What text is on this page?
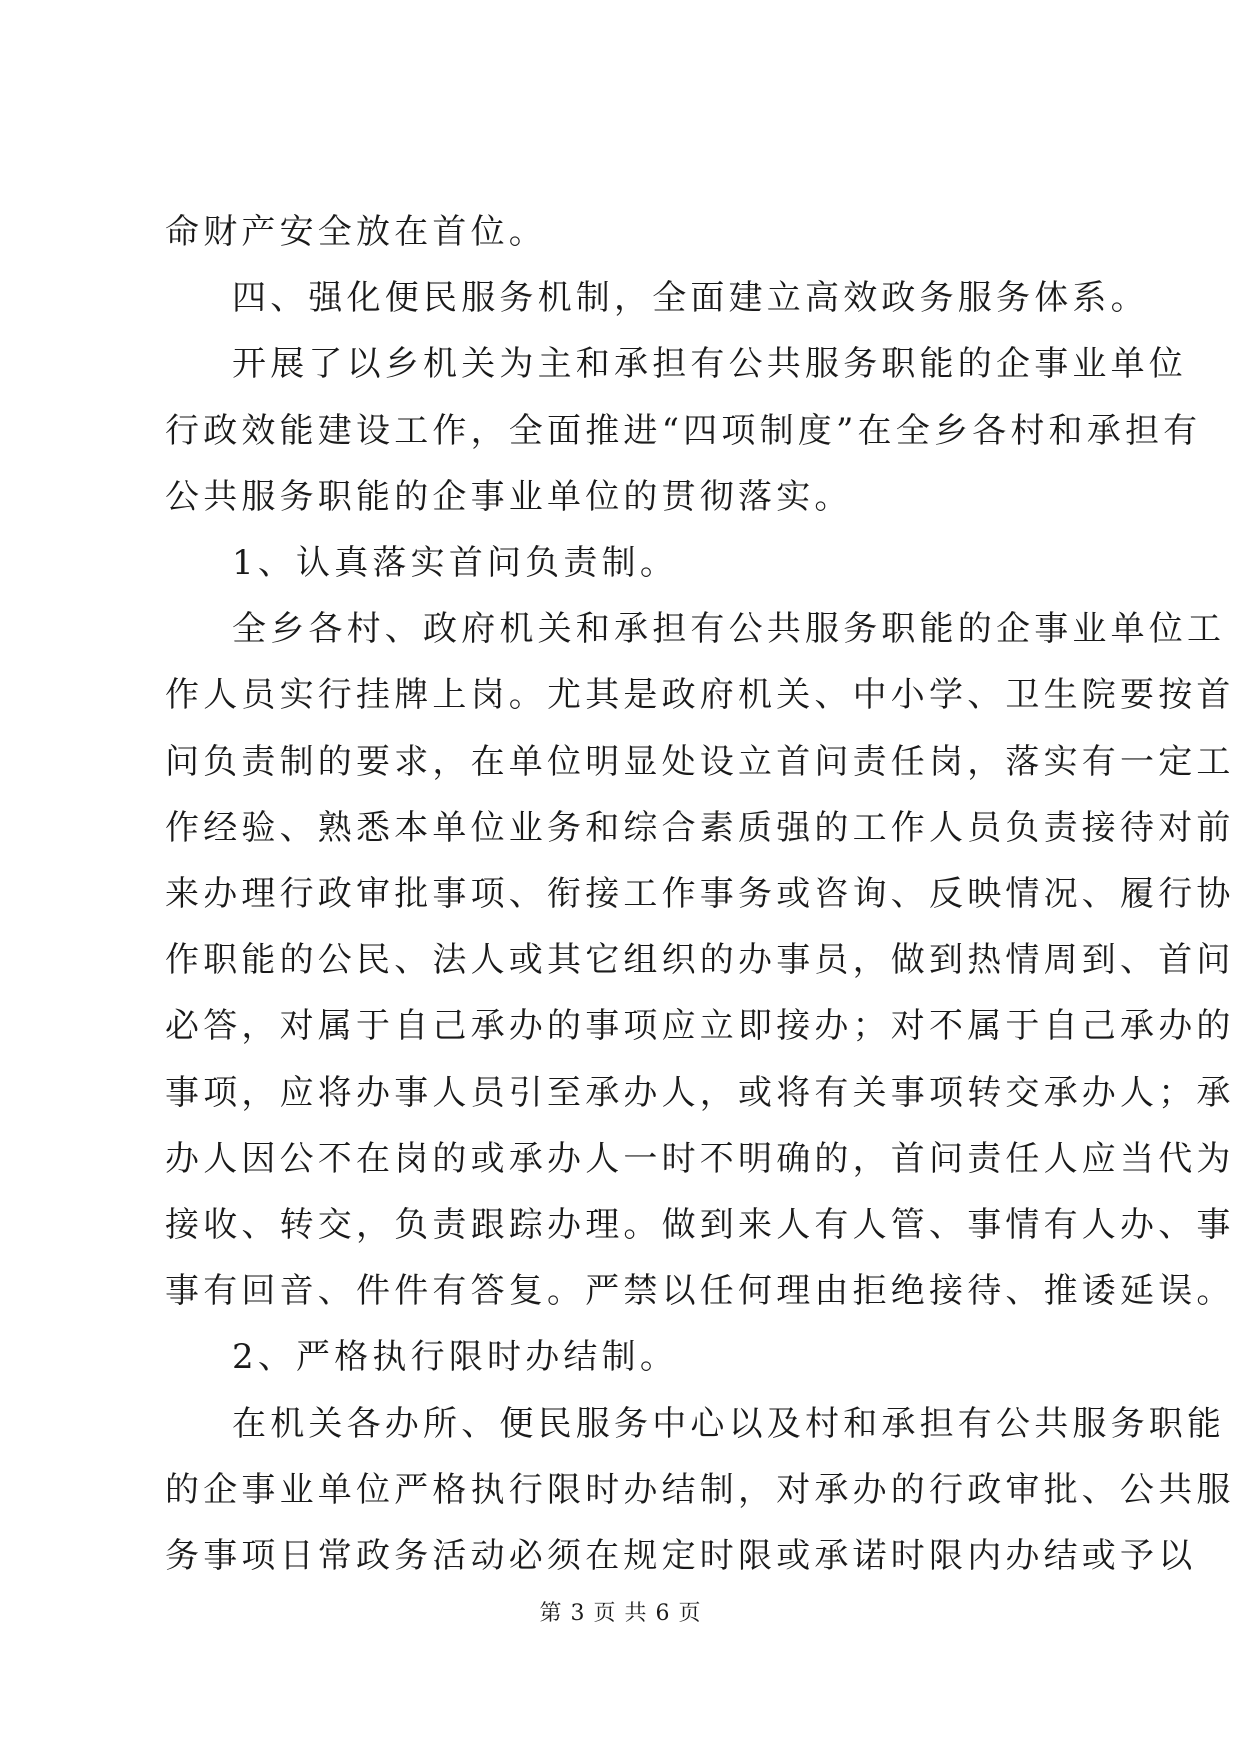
命财产安全放在首位。
四、强化便民服务机制，全面建立高效政务服务体系。
开展了以乡机关为主和承担有公共服务职能的企事业单位
行政效能建设工作，全面推进“四项制度”在全乡各村和承担有
公共服务职能的企事业单位的贯彻落实。
1、认真落实首问负责制。
全乡各村、政府机关和承担有公共服务职能的企事业单位工
作人员实行挂牌上岗。尤其是政府机关、中小学、卫生院要按首
问负责制的要求，在单位明显处设立首问责任岗，落实有一定工
作经验、熟悉本单位业务和综合素质强的工作人员负责接待对前
来办理行政审批事项、衔接工作事务或咨询、反映情况、履行协
作职能的公民、法人或其它组织的办事员，做到热情周到、首问
必答，对属于自己承办的事项应立即接办；对不属于自己承办的
事项，应将办事人员引至承办人，或将有关事项转交承办人；承
办人因公不在岗的或承办人一时不明确的，首问责任人应当代为
接收、转交，负责跟踪办理。做到来人有人管、事情有人办、事
事有回音、件件有答复。严禁以任何理由拒绝接待、推诿延误。
2、严格执行限时办结制。
在机关各办所、便民服务中心以及村和承担有公共服务职能
的企事业单位严格执行限时办结制，对承办的行政审批、公共服
务事项日常政务活动必须在规定时限或承诺时限内办结或予以
第 3 页 共 6 页
